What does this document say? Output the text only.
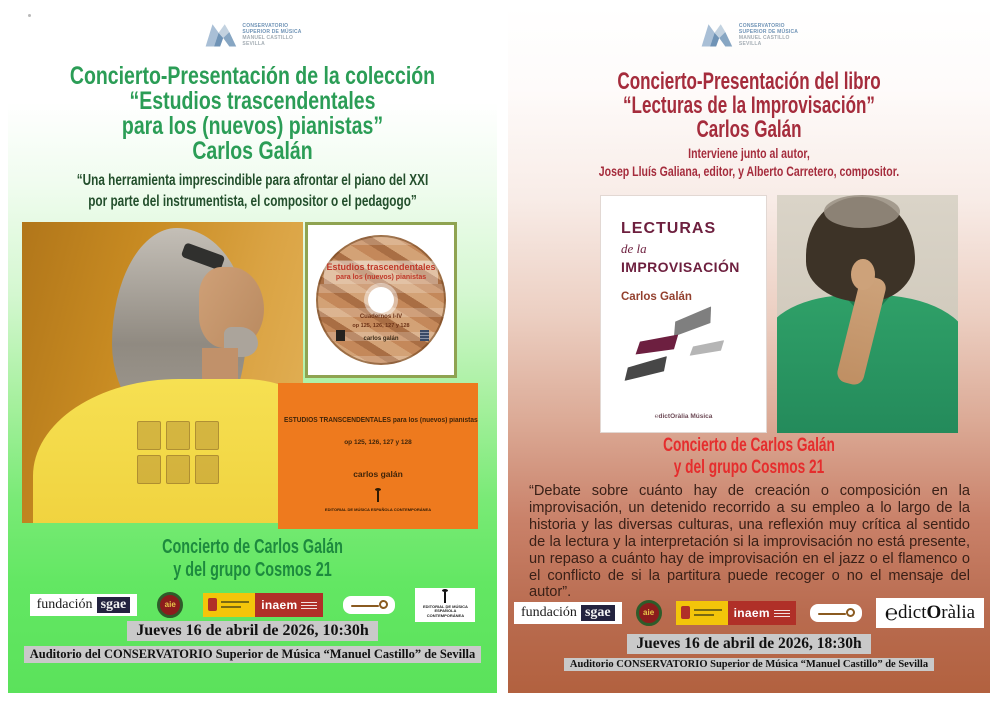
CONSERVATORIO
SUPERIOR DE MÚSICA
MANUEL CASTILLO
SEVILLA
Concierto-Presentación de la colección
“Estudios trascendentales
para los (nuevos) pianistas”
Carlos Galán
“Una herramienta imprescindible para afrontar el piano del XXI
por parte del instrumentista, el compositor o el pedagogo”
Estudios trascendentales
para los (nuevos) pianistas
Cuadernos I-IV
op 125, 126, 127 y 128
carlos galán
ESTUDIOS TRANSCENDENTALES para los (nuevos) pianistas
op 125, 126, 127 y 128
carlos galán
EDITORIAL DE MÚSICA ESPAÑOLA CONTEMPORÁNEA
Concierto de Carlos Galán
y del grupo Cosmos 21
fundación sgae	aie	inaem	EDITORIAL DE MÚSICA ESPAÑOLA CONTEMPORÁNEA
Jueves 16 de abril de 2026, 10:30h
Auditorio del CONSERVATORIO Superior de Música “Manuel Castillo” de Sevilla
CONSERVATORIO
SUPERIOR DE MÚSICA
MANUEL CASTILLO
SEVILLA
Concierto-Presentación del libro
“Lecturas de la Improvisación”
Carlos Galán
Interviene junto al autor,
Josep Lluís Galiana, editor, y Alberto Carretero, compositor.
LECTURAS
de la
IMPROVISACIÓN
Carlos Galán
℮dictOràlia Música
Concierto de Carlos Galán
y del grupo Cosmos 21
“Debate sobre cuánto hay de creación o composición en la improvisación, un detenido recorrido a su empleo a lo largo de la historia y las diversas culturas, una reflexión muy crítica al sentido de la lectura y la interpretación si la improvisación no está presente, un repaso a cuánto hay de improvisación en el jazz o el flamenco o el conflicto de si la partitura puede recoger o no el mensaje del autor”.
fundación sgae	aie	inaem	℮ dict O ràlia
Jueves 16 de abril de 2026, 18:30h
Auditorio CONSERVATORIO Superior de Música “Manuel Castillo” de Sevilla
